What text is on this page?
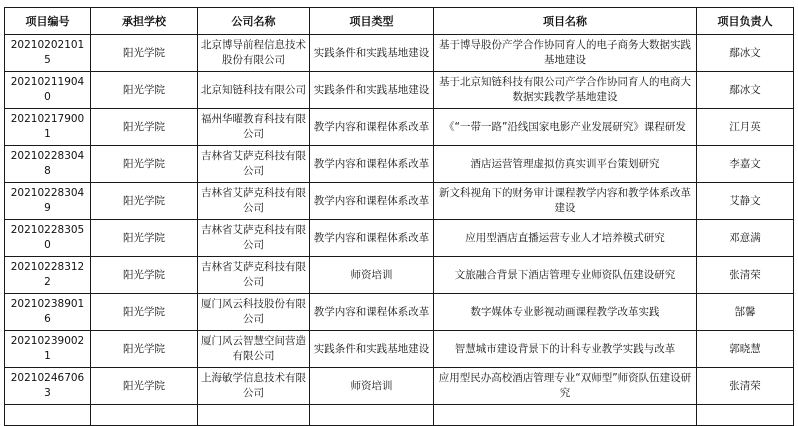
项目编号	承担学校	公司名称	项目类型	项目名称	项目负责人
202102021015	阳光学院	北京博导前程信息技术股份有限公司	实践条件和实践基地建设	基于博导股份产学合作协同育人的电子商务大数据实践基地建设	鄢冰文
202102119040	阳光学院	北京知链科技有限公司	实践条件和实践基地建设	基于北京知链科技有限公司产学合作协同育人的电商大数据实践教学基地建设	鄢冰文
202102179001	阳光学院	福州华曜教育科技有限公司	教学内容和课程体系改革	《“一带一路”沿线国家电影产业发展研究》课程研发	江月英
202102283048	阳光学院	吉林省艾萨克科技有限公司	教学内容和课程体系改革	酒店运营管理虚拟仿真实训平台策划研究	李嘉文
202102283049	阳光学院	吉林省艾萨克科技有限公司	教学内容和课程体系改革	新文科视角下的财务审计课程教学内容和教学体系改革建设	艾静文
202102283050	阳光学院	吉林省艾萨克科技有限公司	教学内容和课程体系改革	应用型酒店直播运营专业人才培养模式研究	邓意满
202102283122	阳光学院	吉林省艾萨克科技有限公司	师资培训	文旅融合背景下酒店管理专业师资队伍建设研究	张清荣
202102389016	阳光学院	厦门风云科技股份有限公司	教学内容和课程体系改革	数字媒体专业影视动画课程教学改革实践	郜馨
202102390021	阳光学院	厦门风云智慧空间营造有限公司	实践条件和实践基地建设	智慧城市建设背景下的计科专业教学实践与改革	郭晓慧
202102467063	阳光学院	上海敏学信息技术有限公司	师资培训	应用型民办高校酒店管理专业“双师型”师资队伍建设研究	张清荣
